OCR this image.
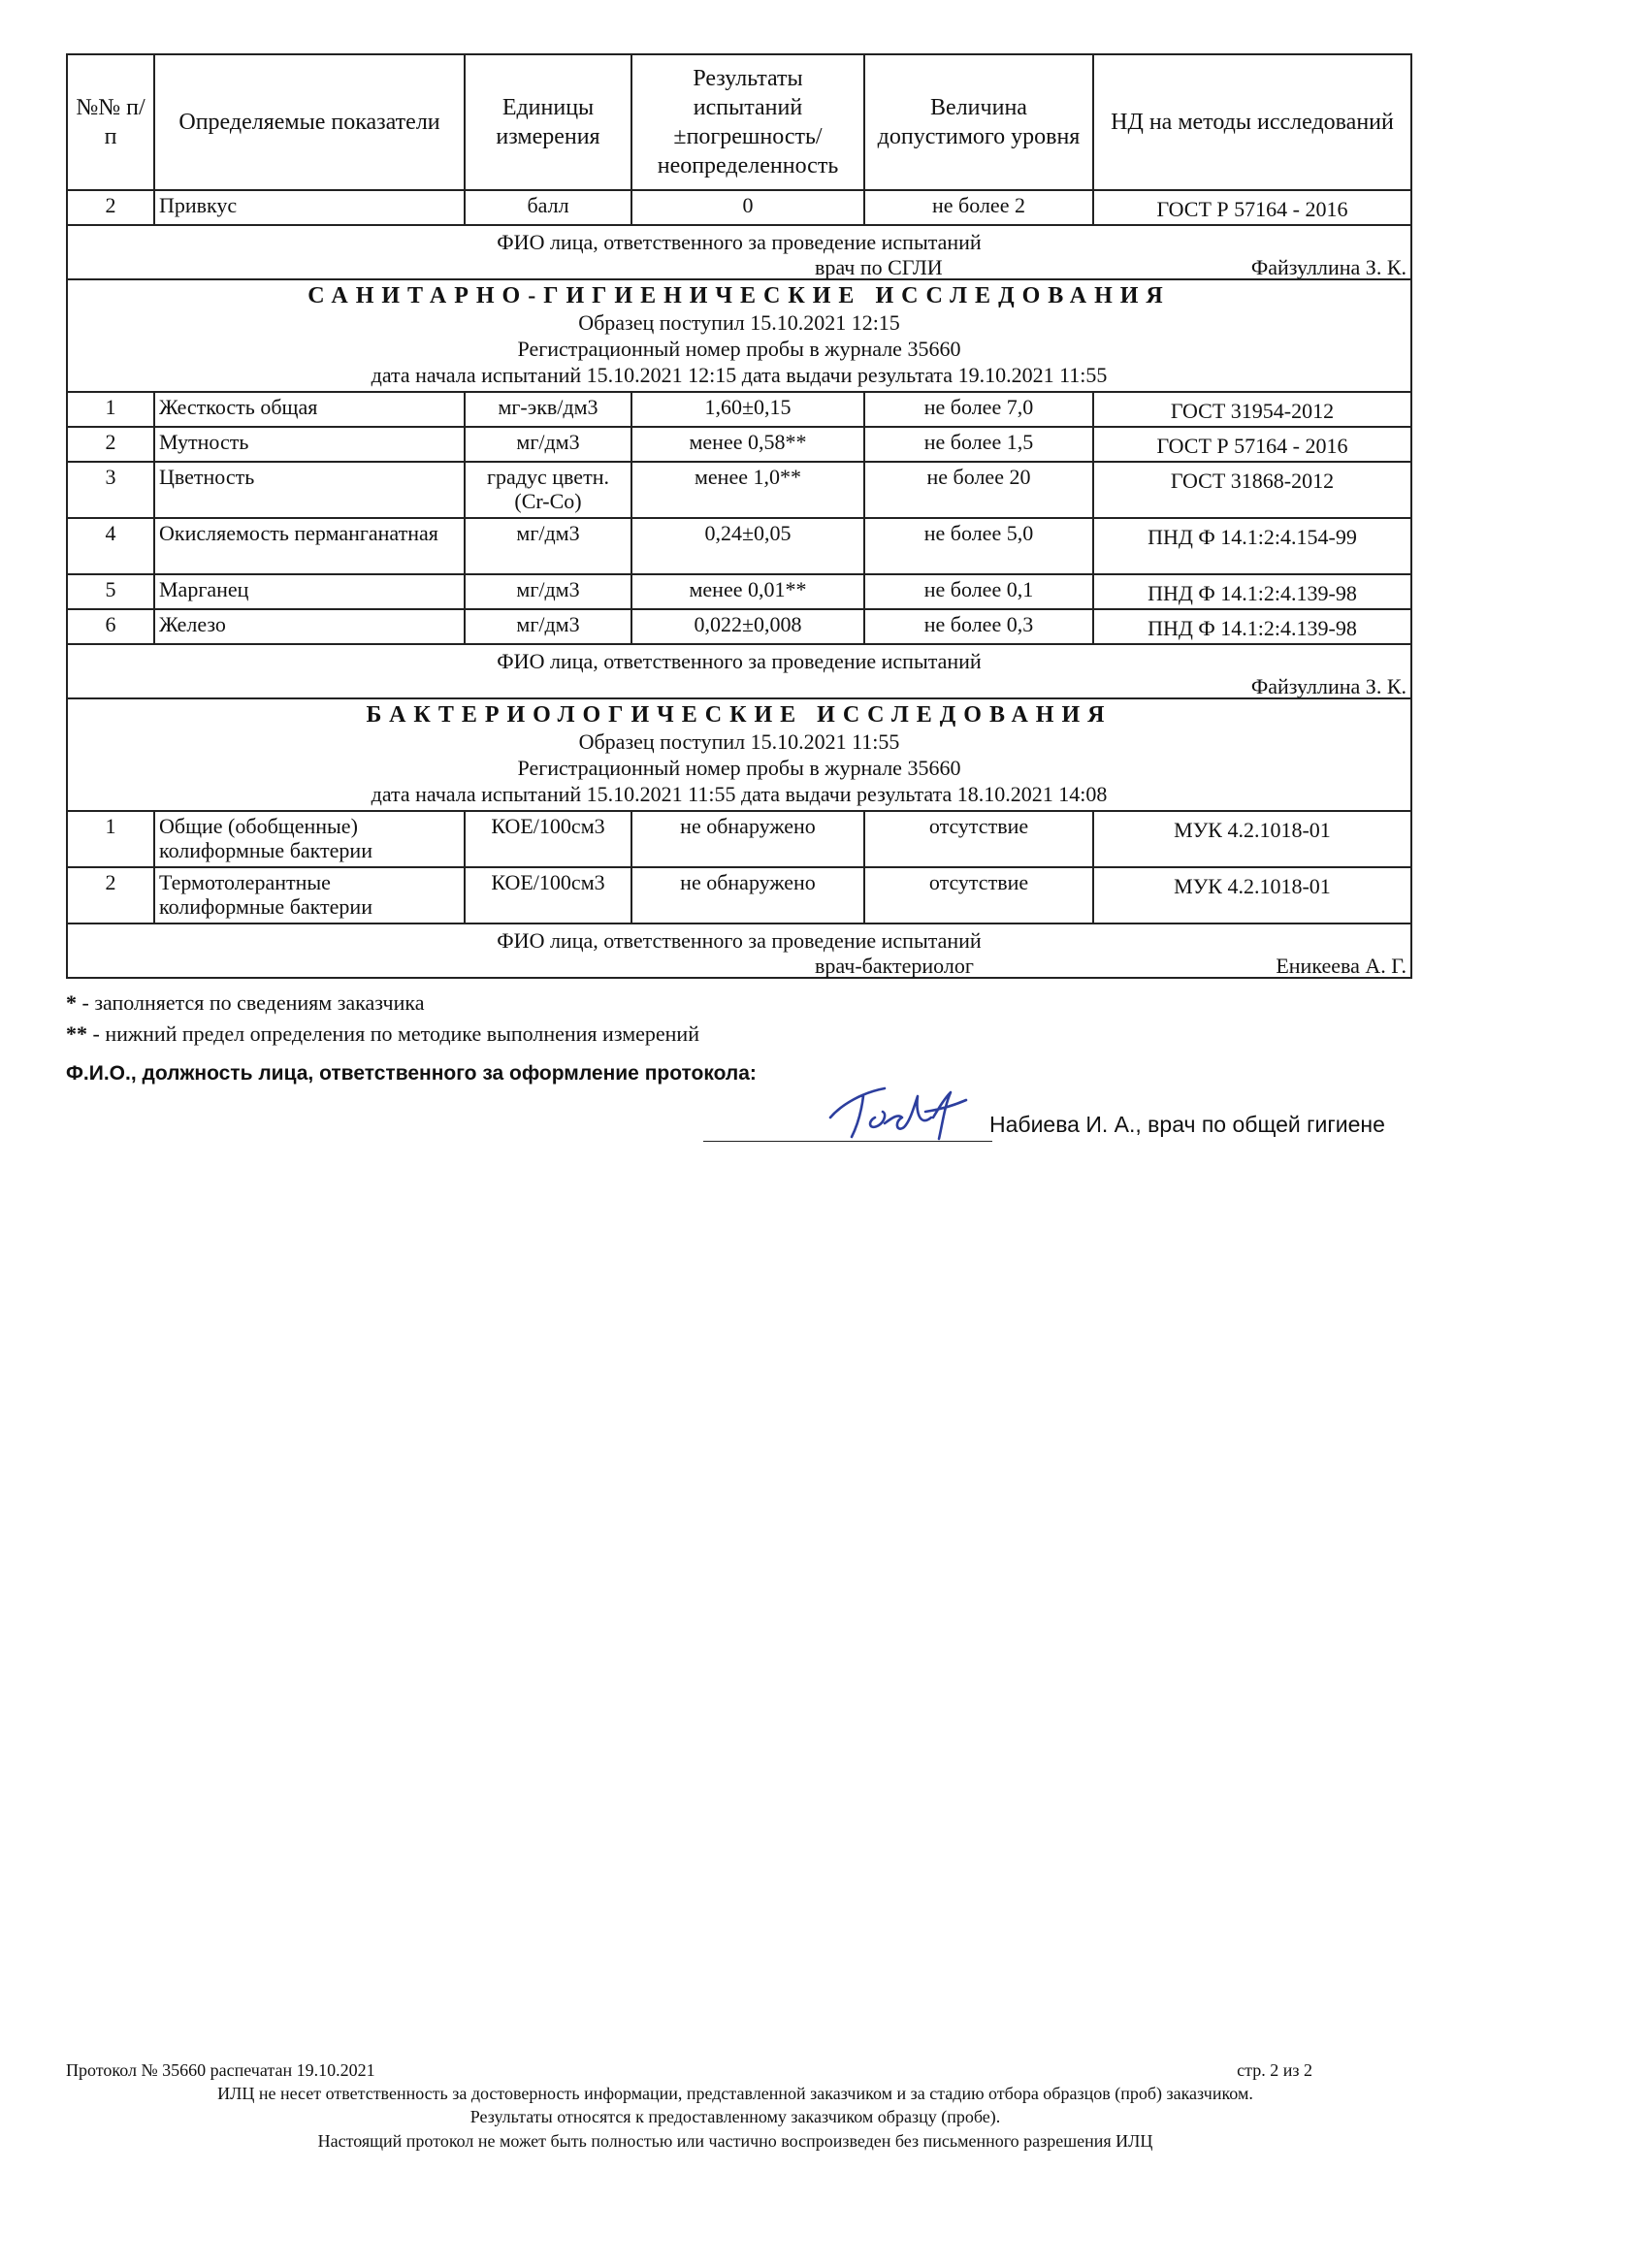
№№ п/п	Определяемые показатели	Единицы измерения	Результаты испытаний ±погрешность/ неопределенность	Величина допустимого уровня	НД на методы исследований
2	Привкус	балл	0	не более 2	ГОСТ Р 57164 - 2016

ФИО лица, ответственного за проведение испытаний
врач по СГЛИ Файзуллина З. К.					

САНИТАРНО-ГИГИЕНИЧЕСКИЕ ИССЛЕДОВАНИЯ
Образец поступил 15.10.2021 12:15
Регистрационный номер пробы в журнале 35660
дата начала испытаний 15.10.2021 12:15 дата выдачи результата 19.10.2021 11:55					

1	Жесткость общая	мг-экв/дм3	1,60±0,15	не более 7,0	ГОСТ 31954-2012
2	Мутность	мг/дм3	менее 0,58**	не более 1,5	ГОСТ Р 57164 - 2016
3	Цветность	градус цветн.(Cr-Co)	менее 1,0**	не более 20	ГОСТ 31868-2012
4	Окисляемость перманганатная	мг/дм3	0,24±0,05	не более 5,0	ПНД Ф 14.1:2:4.154-99
5	Марганец	мг/дм3	менее 0,01**	не более 0,1	ПНД Ф 14.1:2:4.139-98
6	Железо	мг/дм3	0,022±0,008	не более 0,3	ПНД Ф 14.1:2:4.139-98

ФИО лица, ответственного за проведение испытаний
Файзуллина З. К.					

БАКТЕРИОЛОГИЧЕСКИЕ ИССЛЕДОВАНИЯ
Образец поступил 15.10.2021 11:55
Регистрационный номер пробы в журнале 35660
дата начала испытаний 15.10.2021 11:55 дата выдачи результата 18.10.2021 14:08					

1	Общие (обобщенные) колиформные бактерии	КОЕ/100см3	не обнаружено	отсутствие	МУК 4.2.1018-01
2	Термотолерантные колиформные бактерии	КОЕ/100см3	не обнаружено	отсутствие	МУК 4.2.1018-01

ФИО лица, ответственного за проведение испытаний
врач-бактериолог Еникеева А. Г.					
* - заполняется по сведениям заказчика
** - нижний предел определения по методике выполнения измерений
Ф.И.О., должность лица, ответственного за оформление протокола:
Набиева И. А., врач по общей гигиене
Протокол № 35660 распечатан 19.10.2021	стр. 2 из 2
ИЛЦ не несет ответственность за достоверность информации, представленной заказчиком и за стадию отбора образцов (проб) заказчиком.
Результаты относятся к предоставленному заказчиком образцу (пробе).
Настоящий протокол не может быть полностью или частично воспроизведен без письменного разрешения ИЛЦ
